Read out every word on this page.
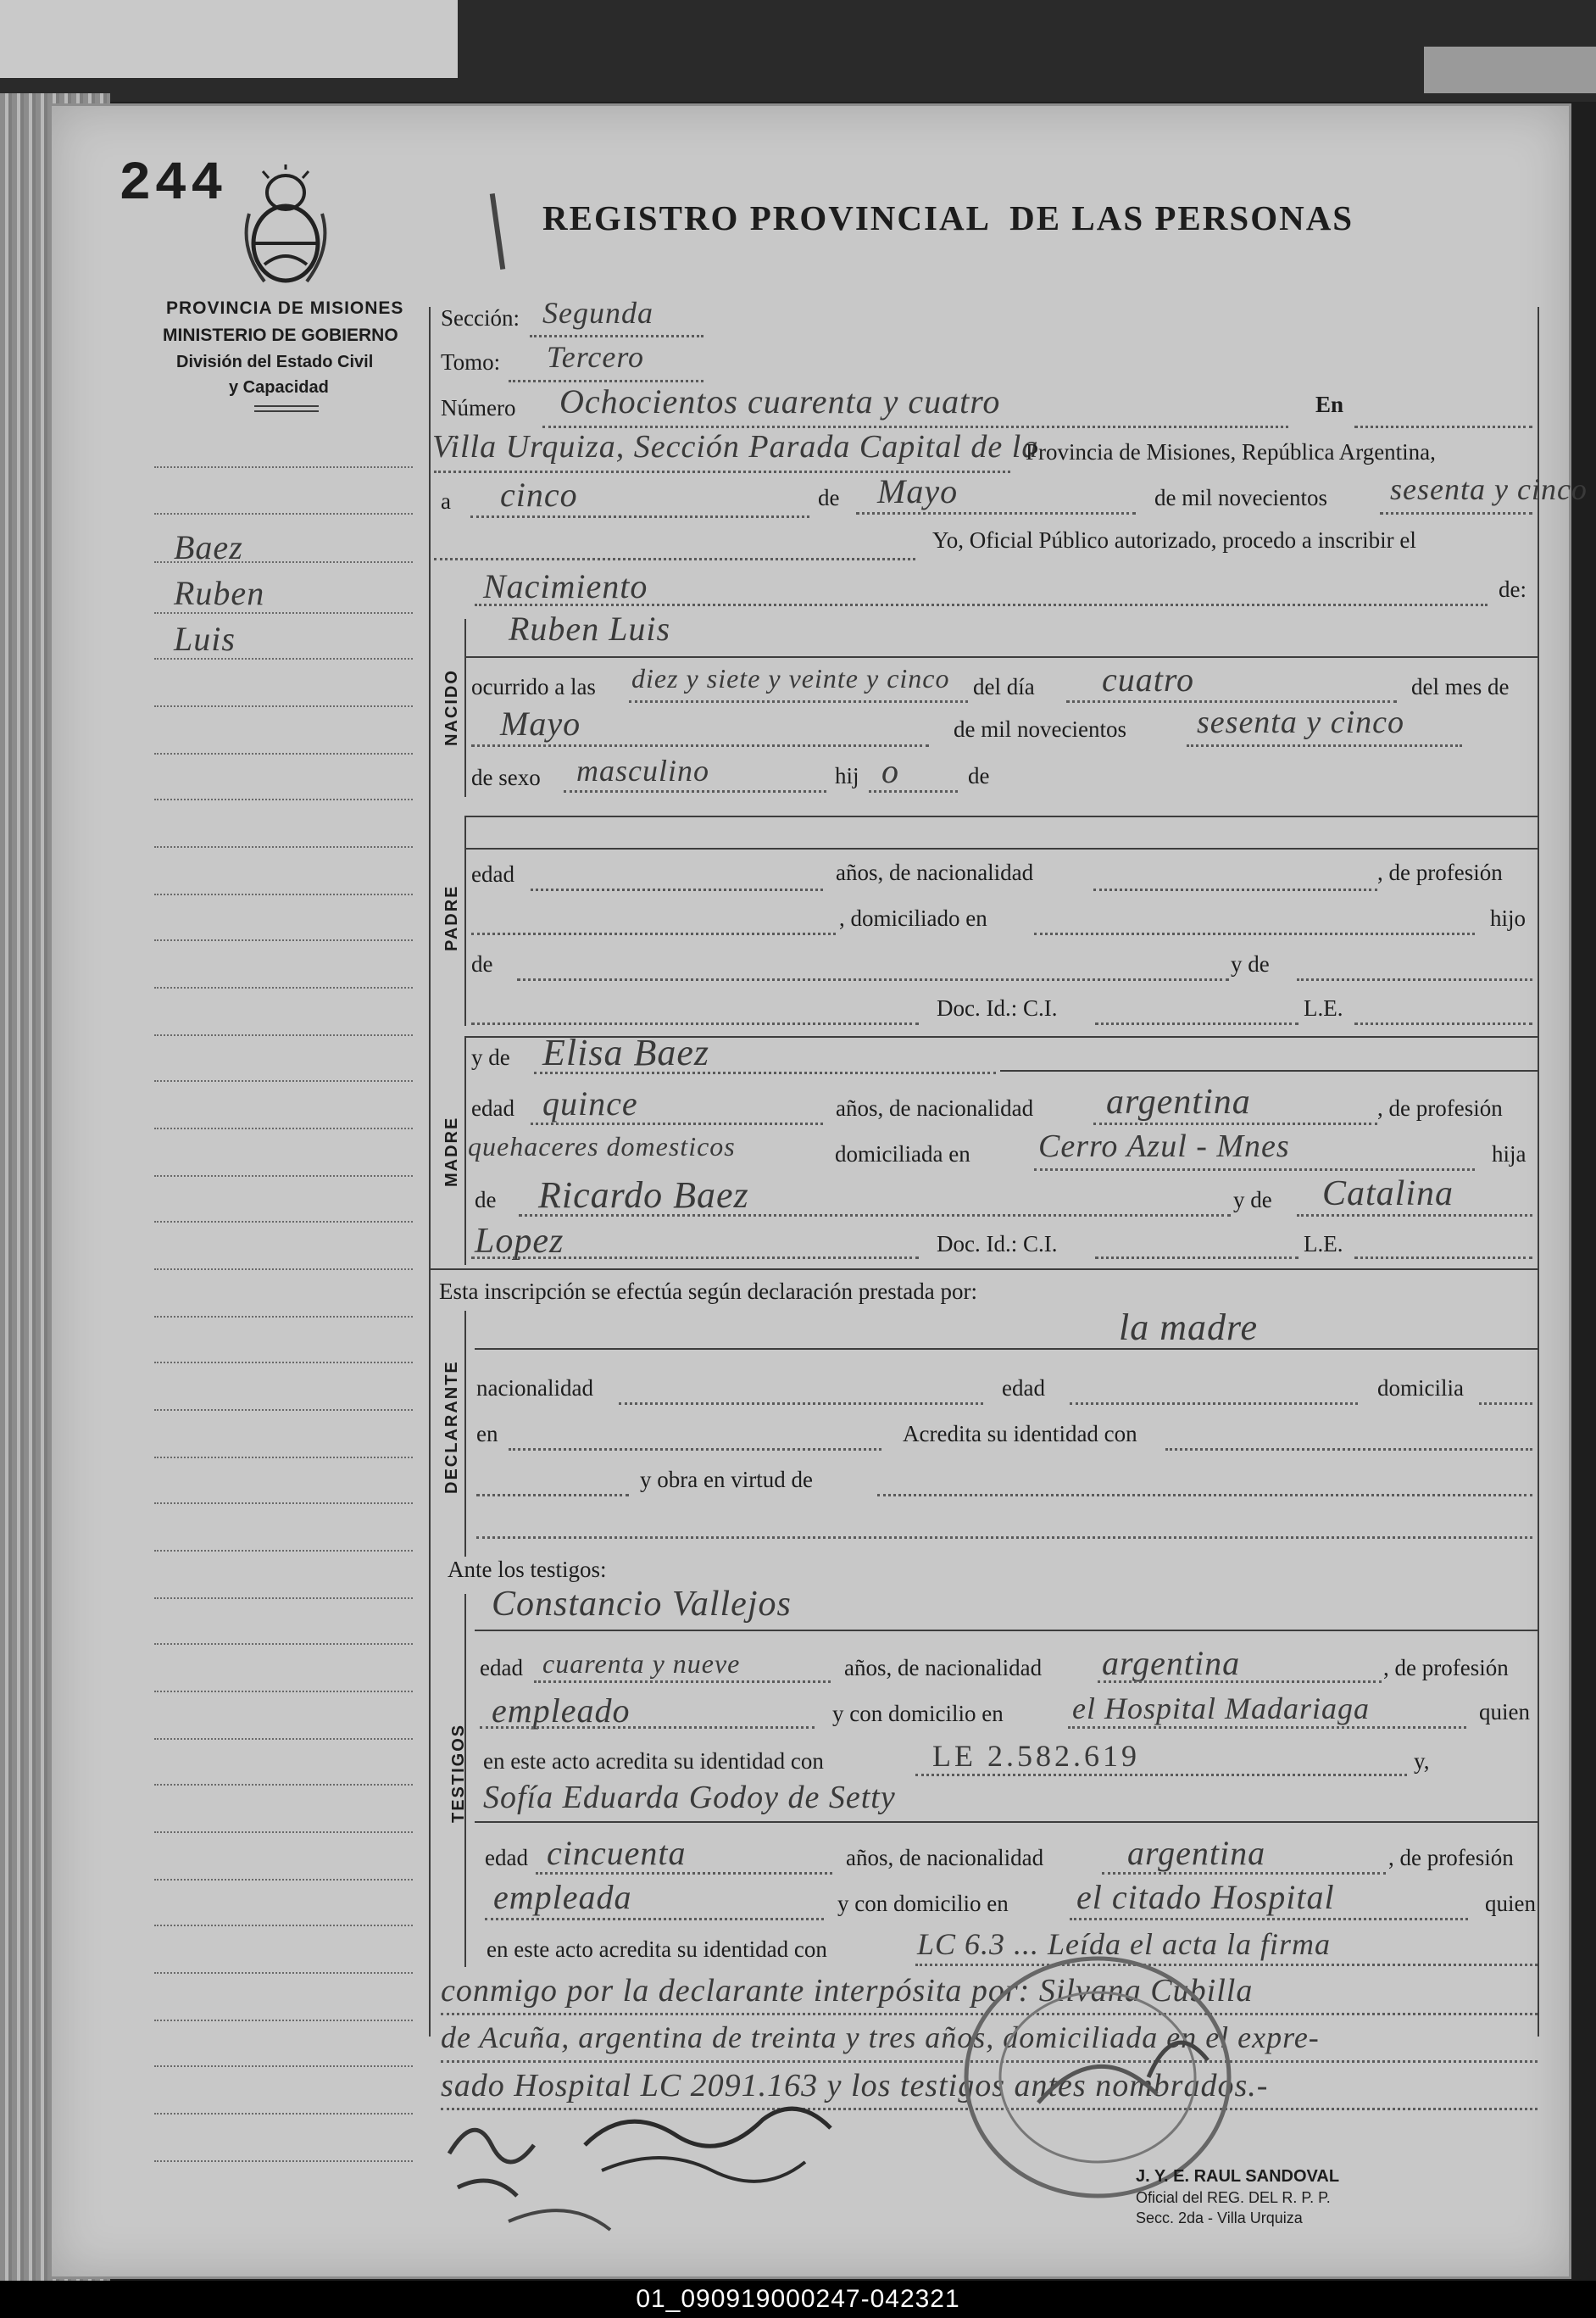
244
REGISTRO PROVINCIAL  DE LAS PERSONAS
PROVINCIA DE MISIONES
MINISTERIO DE GOBIERNO
División del Estado Civil
y Capacidad
Baez
Ruben
Luis
Sección: Segunda
Tomo: Tercero
Número Ochocientos cuarenta y cuatro	En
Villa Urquiza, Sección Parada Capital de la
Provincia de Misiones, República Argentina,
a cinco	de Mayo	de mil novecientos sesenta y cinco
Yo, Oficial Público autorizado, procedo a inscribir el
Nacimiento	de:
NACIDO
Ruben Luis
ocurrido a las diez y siete y veinte y cinco del día cuatro	del mes de
Mayo	de mil novecientos sesenta y cinco
de sexo masculino	hij o	de
PADRE
edad	años, de nacionalidad	, de profesión
, domiciliado en	hijo
de	y de
Doc. Id.: C.I.	L.E.
MADRE
y de Elisa Baez
edad quince	años, de nacionalidad argentina	, de profesión
quehaceres domesticos	domiciliada en Cerro Azul - Mnes	hija
de Ricardo Baez	y de Catalina
Lopez	Doc. Id.: C.I.	L.E.
Esta inscripción se efectúa según declaración prestada por:
DECLARANTE
la madre
nacionalidad	edad	domicilia
en	Acredita su identidad con
y obra en virtud de
Ante los testigos:
TESTIGOS
Constancio Vallejos
edad cuarenta y nueve	años, de nacionalidad argentina	, de profesión
empleado	y con domicilio en el Hospital Madariaga	quien
en este acto acredita su identidad con	LE 2.582.619	y,
Sofía Eduarda Godoy de Setty
edad cincuenta	años, de nacionalidad argentina	, de profesión
empleada	y con domicilio en el citado Hospital	quien
en este acto acredita su identidad con	LC 6.3 ... Leída el acta la firma
conmigo por la declarante interpósita por: Silvana Cubilla
de Acuña, argentina de treinta y tres años, domiciliada en el expre-
sado Hospital LC 2091.163 y los testigos antes nombrados.-
J. Y. E. RAUL SANDOVAL
Oficial del REG. DEL R. P. P.
Secc. 2da - Villa Urquiza
01_090919000247-042321
